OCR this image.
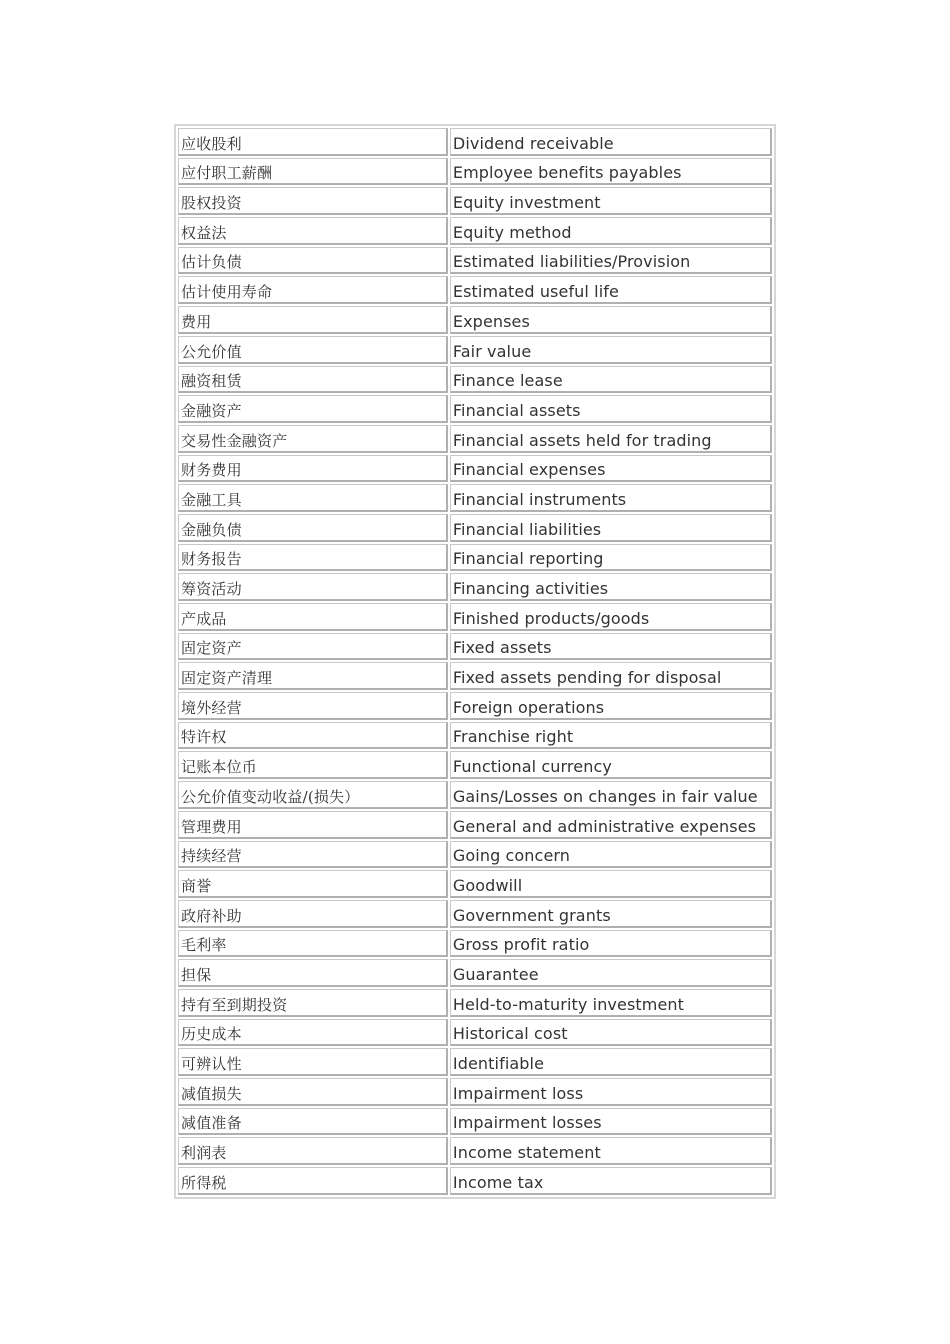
应收股利	Dividend receivable
应付职工薪酬	Employee benefits payables
股权投资	Equity investment
权益法	Equity method
估计负债	Estimated liabilities/Provision
估计使用寿命	Estimated useful life
费用	Expenses
公允价值	Fair value
融资租赁	Finance lease
金融资产	Financial assets
交易性金融资产	Financial assets held for trading
财务费用	Financial expenses
金融工具	Financial instruments
金融负债	Financial liabilities
财务报告	Financial reporting
筹资活动	Financing activities
产成品	Finished products/goods
固定资产	Fixed assets
固定资产清理	Fixed assets pending for disposal
境外经营	Foreign operations
特许权	Franchise right
记账本位币	Functional currency
公允价值变动收益/(损失）	Gains/Losses on changes in fair value
管理费用	General and administrative expenses
持续经营	Going concern
商誉	Goodwill
政府补助	Government grants
毛利率	Gross profit ratio
担保	Guarantee
持有至到期投资	Held-to-maturity investment
历史成本	Historical cost
可辨认性	Identifiable
减值损失	Impairment loss
减值准备	Impairment losses
利润表	Income statement
所得税	Income tax
